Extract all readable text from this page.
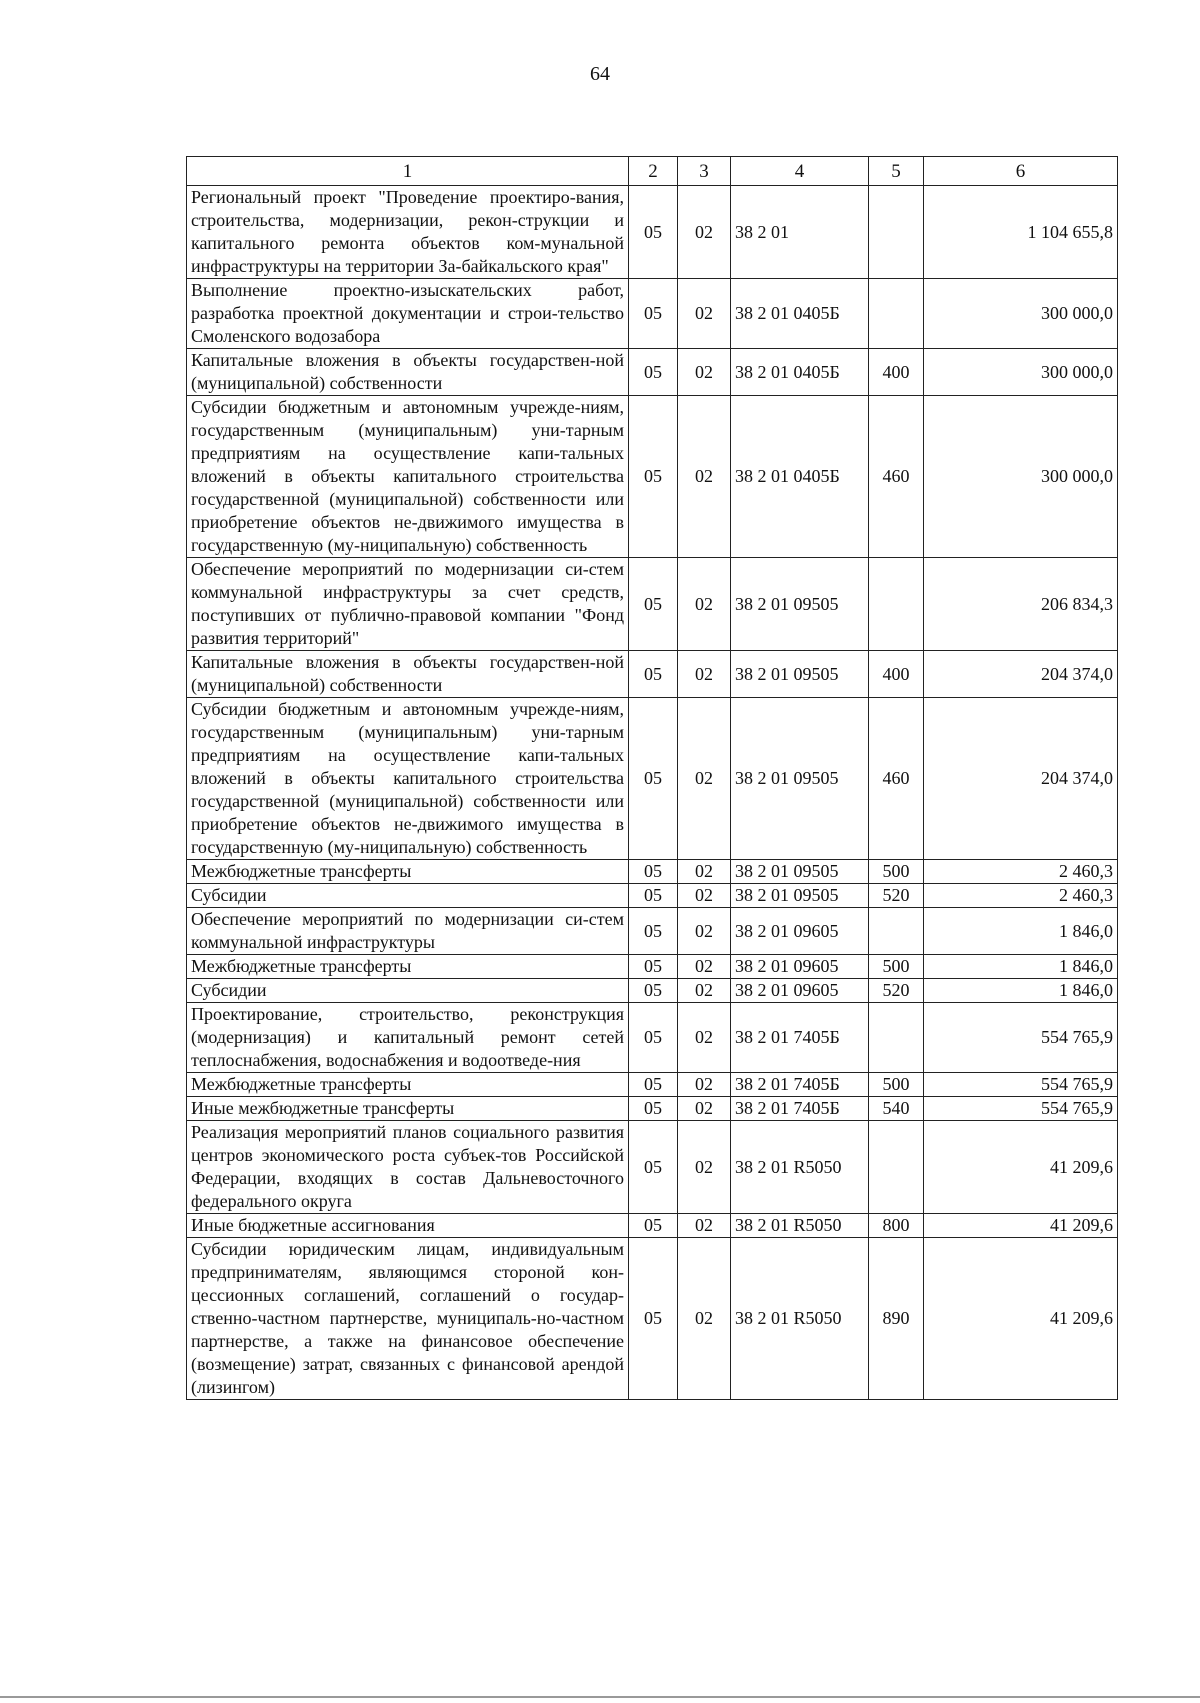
64
1	2	3	4	5	6
Региональный проект "Проведение проектиро-вания, строительства, модернизации, рекон-струкции и капитального ремонта объектов ком-мунальной инфраструктуры на территории За-байкальского края"	05	02	38 2 01		1 104 655,8
Выполнение проектно-изыскательских работ, разработка проектной документации и строи-тельство Смоленского водозабора	05	02	38 2 01 0405Б		300 000,0
Капитальные вложения в объекты государствен-ной (муниципальной) собственности	05	02	38 2 01 0405Б	400	300 000,0
Субсидии бюджетным и автономным учрежде-ниям, государственным (муниципальным) уни-тарным предприятиям на осуществление капи-тальных вложений в объекты капитального строительства государственной (муниципальной) собственности или приобретение объектов не-движимого имущества в государственную (му-ниципальную) собственность	05	02	38 2 01 0405Б	460	300 000,0
Обеспечение мероприятий по модернизации си-стем коммунальной инфраструктуры за счет средств, поступивших от публично-правовой компании "Фонд развития территорий"	05	02	38 2 01 09505		206 834,3
Капитальные вложения в объекты государствен-ной (муниципальной) собственности	05	02	38 2 01 09505	400	204 374,0
Субсидии бюджетным и автономным учрежде-ниям, государственным (муниципальным) уни-тарным предприятиям на осуществление капи-тальных вложений в объекты капитального строительства государственной (муниципальной) собственности или приобретение объектов не-движимого имущества в государственную (му-ниципальную) собственность	05	02	38 2 01 09505	460	204 374,0
Межбюджетные трансферты	05	02	38 2 01 09505	500	2 460,3
Субсидии	05	02	38 2 01 09505	520	2 460,3
Обеспечение мероприятий по модернизации си-стем коммунальной инфраструктуры	05	02	38 2 01 09605		1 846,0
Межбюджетные трансферты	05	02	38 2 01 09605	500	1 846,0
Субсидии	05	02	38 2 01 09605	520	1 846,0
Проектирование, строительство, реконструкция (модернизация) и капитальный ремонт сетей теплоснабжения, водоснабжения и водоотведе-ния	05	02	38 2 01 7405Б		554 765,9
Межбюджетные трансферты	05	02	38 2 01 7405Б	500	554 765,9
Иные межбюджетные трансферты	05	02	38 2 01 7405Б	540	554 765,9
Реализация мероприятий планов социального развития центров экономического роста субъек-тов Российской Федерации, входящих в состав Дальневосточного федерального округа	05	02	38 2 01 R5050		41 209,6
Иные бюджетные ассигнования	05	02	38 2 01 R5050	800	41 209,6
Субсидии юридическим лицам, индивидуальным предпринимателям, являющимся стороной кон-цессионных соглашений, соглашений о государ-ственно-частном партнерстве, муниципаль-но-частном партнерстве, а также на финансовое обеспечение (возмещение) затрат, связанных с финансовой арендой (лизингом)	05	02	38 2 01 R5050	890	41 209,6
